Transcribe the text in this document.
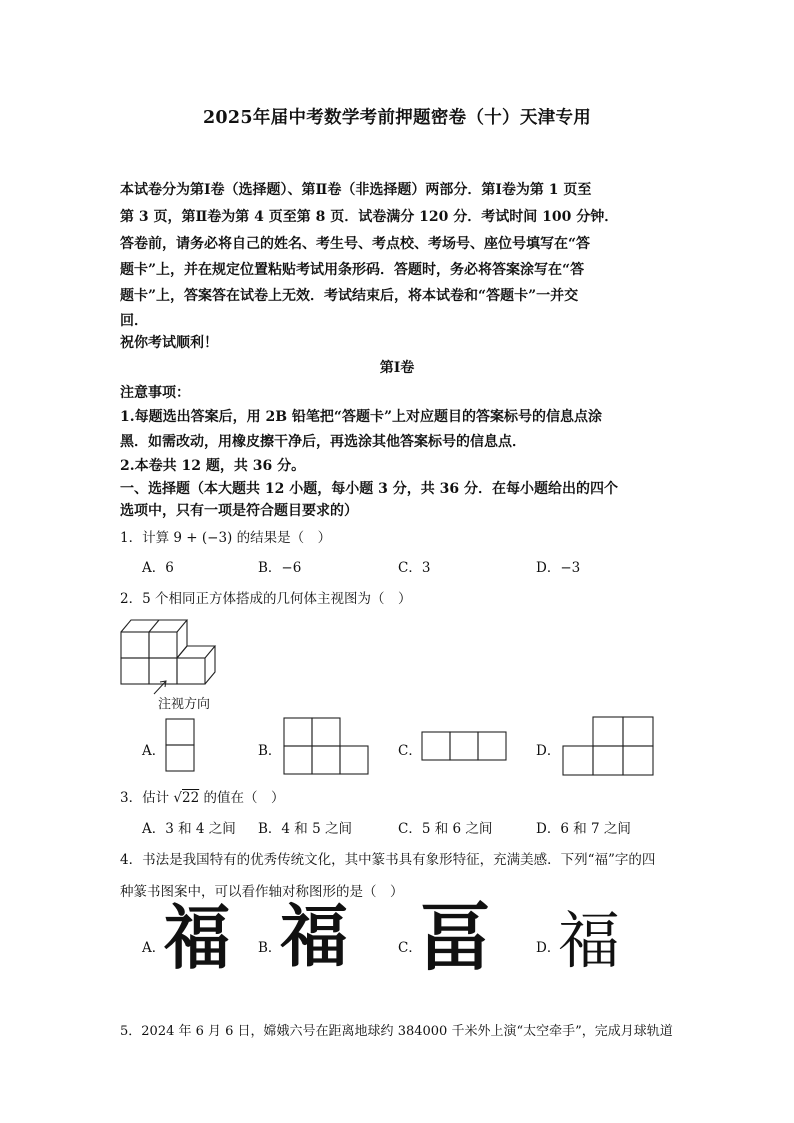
2025年届中考数学考前押题密卷（十）天津专用
本试卷分为第Ⅰ卷（选择题）、第Ⅱ卷（非选择题）两部分．第Ⅰ卷为第 1 页至
第 3 页，第Ⅱ卷为第 4 页至第 8 页．试卷满分 120 分．考试时间 100 分钟．
答卷前，请务必将自己的姓名、考生号、考点校、考场号、座位号填写在“答
题卡”上，并在规定位置粘贴考试用条形码．答题时，务必将答案涂写在“答
题卡”上，答案答在试卷上无效．考试结束后，将本试卷和“答题卡”一并交
回．
祝你考试顺利！
第Ⅰ卷
注意事项：
1.每题选出答案后，用 2B 铅笔把“答题卡”上对应题目的答案标号的信息点涂
黑．如需改动，用橡皮擦干净后，再选涂其他答案标号的信息点．
2.本卷共 12 题，共 36 分。
一、选择题（本大题共 12 小题，每小题 3 分，共 36 分．在每小题给出的四个
选项中，只有一项是符合题目要求的）
1．计算 9 + (−3) 的结果是（　）
A．6	B．−6	C．3	D．−3
2．5 个相同正方体搭成的几何体主视图为（　）
注视方向
A．	B．	C．	D．
3．估计 √22 的值在（　）
A．3 和 4 之间 B．4 和 5 之间	C．5 和 6 之间	D．6 和 7 之间
4．书法是我国特有的优秀传统文化，其中篆书具有象形特征，充满美感．下列“福”字的四
种篆书图案中，可以看作轴对称图形的是（　）
A．
福 B．
福	C．
畐	D．
福
5．2024 年 6 月 6 日，嫦娥六号在距离地球约 384000 千米外上演“太空牵手”，完成月球轨道
